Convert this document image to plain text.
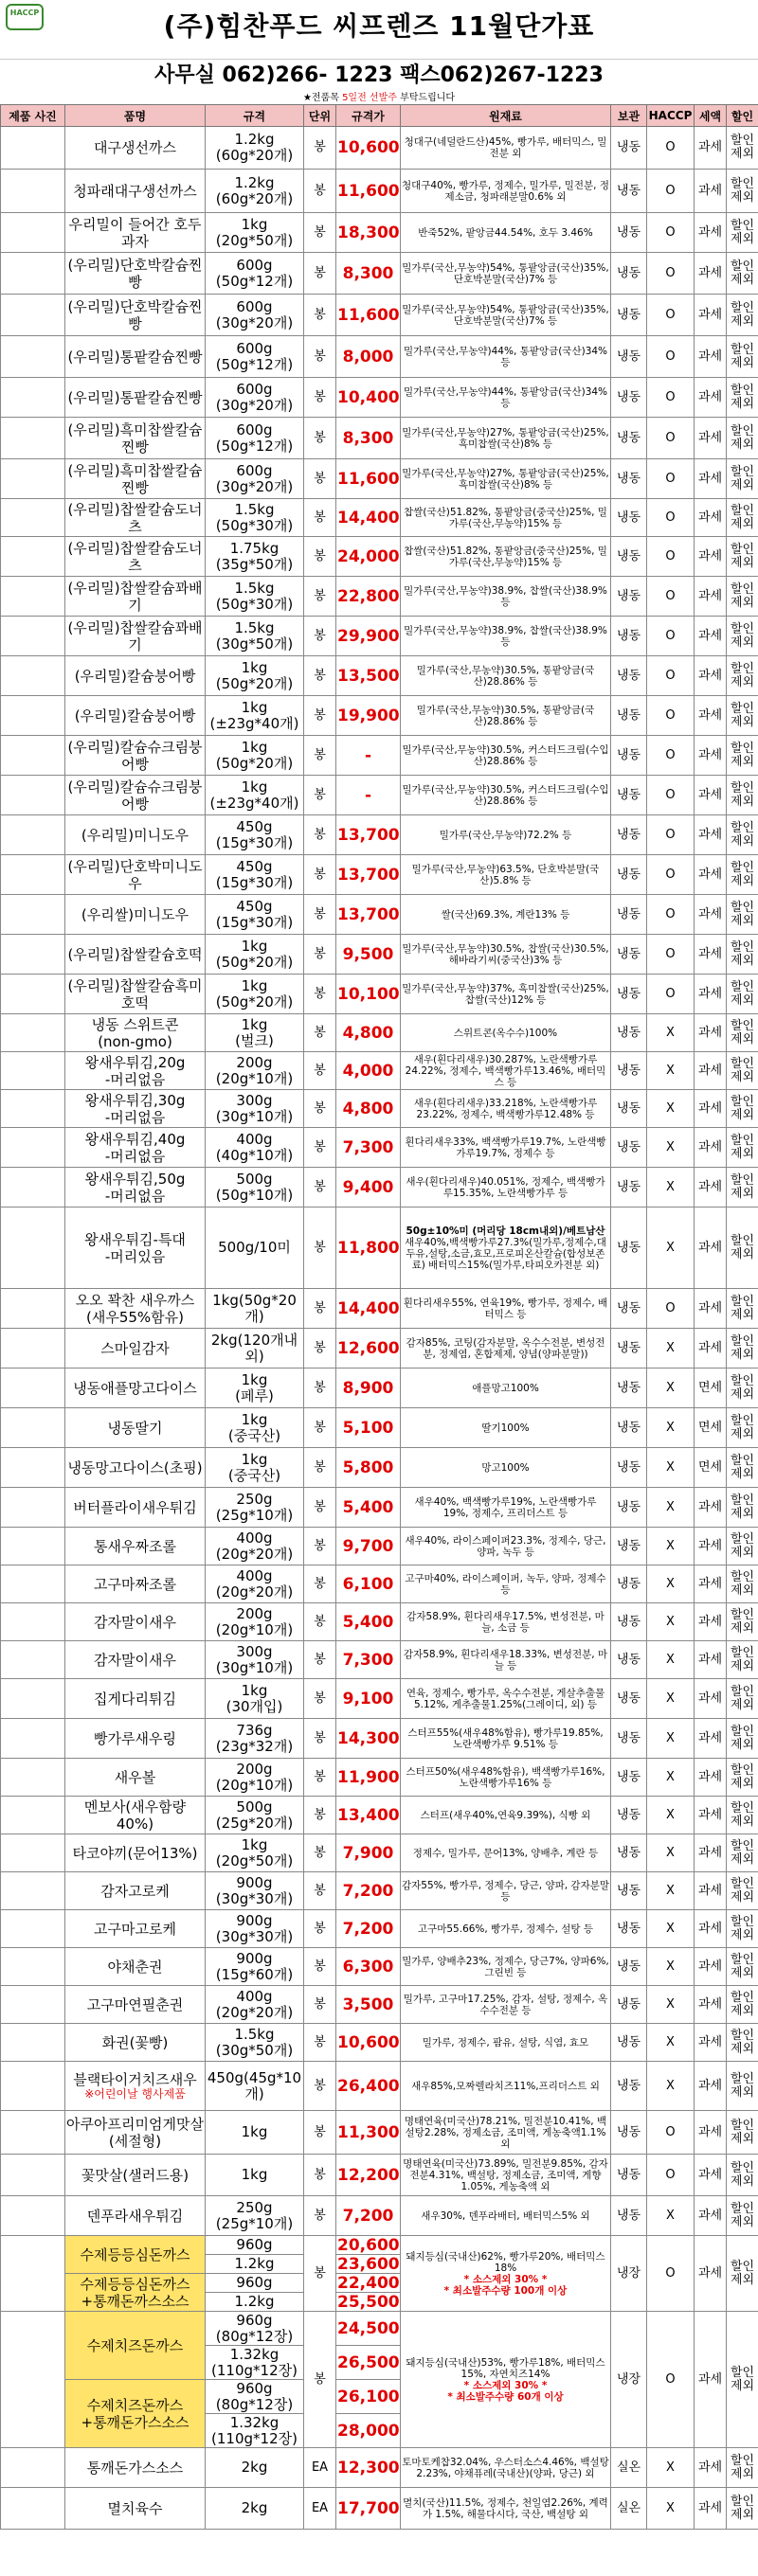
HACCP	(주)힘찬푸드 씨프렌즈 11월단가표
사무실 062)266- 1223 팩스062)267-1223
★전품목 5일전 선발주 부탁드립니다
제품 사진	품명	규격	단위	규격가	원재료	보관	HACCP	세액	할인

	대구생선까스	1.2kg
(60g*20개)	봉	10,600	청대구(네덜란드산)45%, 빵가루, 배터믹스, 밀전분 외	냉동	O	과세	할인제외

	청파래대구생선까스	1.2kg
(60g*20개)	봉	11,600	청대구40%, 빵가루, 정제수, 밀가루, 밀전분, 정제소금, 청파래분말0.6% 외	냉동	O	과세	할인제외

	우리밀이 들어간 호두과자	1kg
(20g*50개)	봉	18,300	반죽52%, 팥앙금44.54%, 호두 3.46%	냉동	O	과세	할인제외

	(우리밀)단호박칼슘찐빵	600g
(50g*12개)	봉	8,300	밀가루(국산,무농약)54%, 통팥앙금(국산)35%, 단호박분말(국산)7% 등	냉동	O	과세	할인제외

	(우리밀)단호박칼슘찐빵	600g
(30g*20개)	봉	11,600	밀가루(국산,무농약)54%, 통팥앙금(국산)35%, 단호박분말(국산)7% 등	냉동	O	과세	할인제외

	(우리밀)통팥칼슘찐빵	600g
(50g*12개)	봉	8,000	밀가루(국산,무농약)44%, 통팥앙금(국산)34% 등	냉동	O	과세	할인제외

	(우리밀)통팥칼슘찐빵	600g
(30g*20개)	봉	10,400	밀가루(국산,무농약)44%, 통팥앙금(국산)34% 등	냉동	O	과세	할인제외

	(우리밀)흑미찹쌀칼슘찐빵	600g
(50g*12개)	봉	8,300	밀가루(국산,무농약)27%, 통팥앙금(국산)25%, 흑미찹쌀(국산)8% 등	냉동	O	과세	할인제외

	(우리밀)흑미찹쌀칼슘찐빵	600g
(30g*20개)	봉	11,600	밀가루(국산,무농약)27%, 통팥앙금(국산)25%, 흑미찹쌀(국산)8% 등	냉동	O	과세	할인제외

	(우리밀)찹쌀칼슘도너츠	1.5kg
(50g*30개)	봉	14,400	찹쌀(국산)51.82%, 통팥앙금(중국산)25%, 밀가루(국산,무농약)15% 등	냉동	O	과세	할인제외

	(우리밀)찹쌀칼슘도너츠	1.75kg
(35g*50개)	봉	24,000	찹쌀(국산)51.82%, 통팥앙금(중국산)25%, 밀가루(국산,무농약)15% 등	냉동	O	과세	할인제외

	(우리밀)찹쌀칼슘꽈배기	1.5kg
(50g*30개)	봉	22,800	밀가루(국산,무농약)38.9%, 찹쌀(국산)38.9% 등	냉동	O	과세	할인제외

	(우리밀)찹쌀칼슘꽈배기	1.5kg
(30g*50개)	봉	29,900	밀가루(국산,무농약)38.9%, 찹쌀(국산)38.9% 등	냉동	O	과세	할인제외

	(우리밀)칼슘붕어빵	1kg
(50g*20개)	봉	13,500	밀가루(국산,무농약)30.5%, 통팥앙금(국산)28.86% 등	냉동	O	과세	할인제외

	(우리밀)칼슘붕어빵	1kg
(±23g*40개)	봉	19,900	밀가루(국산,무농약)30.5%, 통팥앙금(국산)28.86% 등	냉동	O	과세	할인제외

	(우리밀)칼슘슈크림붕어빵	1kg
(50g*20개)	봉	-	밀가루(국산,무농약)30.5%, 커스터드크림(수입산)28.86% 등	냉동	O	과세	할인제외

	(우리밀)칼슘슈크림붕어빵	1kg
(±23g*40개)	봉	-	밀가루(국산,무농약)30.5%, 커스터드크림(수입산)28.86% 등	냉동	O	과세	할인제외

	(우리밀)미니도우	450g
(15g*30개)	봉	13,700	밀가루(국산,무농약)72.2% 등	냉동	O	과세	할인제외

	(우리밀)단호박미니도우	450g
(15g*30개)	봉	13,700	밀가루(국산,무농약)63.5%, 단호박분말(국산)5.8% 등	냉동	O	과세	할인제외

	(우리쌀)미니도우	450g
(15g*30개)	봉	13,700	쌀(국산)69.3%, 계란13% 등	냉동	O	과세	할인제외

	(우리밀)찹쌀칼슘호떡	1kg
(50g*20개)	봉	9,500	밀가루(국산,무농약)30.5%, 찹쌀(국산)30.5%, 해바라기씨(중국산)3% 등	냉동	O	과세	할인제외

	(우리밀)찹쌀칼슘흑미호떡	1kg
(50g*20개)	봉	10,100	밀가루(국산,무농약)37%, 흑미찹쌀(국산)25%, 찹쌀(국산)12% 등	냉동	O	과세	할인제외

	냉동 스위트콘
(non-gmo)	1kg
(벌크)	봉	4,800	스위트콘(옥수수)100%	냉동	X	과세	할인제외

	왕새우튀김,20g
-머리없음	200g
(20g*10개)	봉	4,000	새우(흰다리새우)30.287%, 노란색빵가루24.22%, 정제수, 백색빵가루13.46%, 배터믹스 등	냉동	X	과세	할인제외

	왕새우튀김,30g
-머리없음	300g
(30g*10개)	봉	4,800	새우(흰다리새우)33.218%, 노란색빵가루23.22%, 정제수, 백색빵가루12.48% 등	냉동	X	과세	할인제외

	왕새우튀김,40g
-머리없음	400g
(40g*10개)	봉	7,300	흰다리새우33%, 백색빵가루19.7%, 노란색빵가루19.7%, 정제수 등	냉동	X	과세	할인제외

	왕새우튀김,50g
-머리없음	500g
(50g*10개)	봉	9,400	새우(흰다리새우)40.051%, 정제수, 백색빵가루15.35%, 노란색빵가루 등	냉동	X	과세	할인제외

	왕새우튀김-특대
-머리있음	500g/10미	봉	11,800	50g±10%미 (머리당 18cm내외)/베트남산
새우40%,백색빵가루27.3%(밀가루,정제수,대두유,설탕,소금,효모,프로피온산칼슘(합성보존료) 배터믹스15%(밀가루,타피오카전분 외)	냉동	X	과세	할인제외

	오오 꽉찬 새우까스
(새우55%함유)	1kg(50g*20개)	봉	14,400	흰다리새우55%, 연육19%, 빵가루, 정제수, 배터믹스 등	냉동	O	과세	할인제외

	스마일감자	2kg(120개내외)	봉	12,600	감자85%, 코팅(감자분말, 옥수수전분, 변성전분, 정제염, 혼합제제, 양념(양파분말))	냉동	X	과세	할인제외

	냉동애플망고다이스	1kg
(페루)	봉	8,900	애플망고100%	냉동	X	면세	할인제외

	냉동딸기	1kg
(중국산)	봉	5,100	딸기100%	냉동	X	면세	할인제외

	냉동망고다이스(초핑)	1kg
(중국산)	봉	5,800	망고100%	냉동	X	면세	할인제외

	버터플라이새우튀김	250g
(25g*10개)	봉	5,400	새우40%, 백색빵가루19%, 노란색빵가루 19%, 정제수, 프리더스트 등	냉동	X	과세	할인제외

	통새우짜조롤	400g
(20g*20개)	봉	9,700	새우40%, 라이스페이퍼23.3%, 정제수, 당근, 양파, 녹두 등	냉동	X	과세	할인제외

	고구마짜조롤	400g
(20g*20개)	봉	6,100	고구마40%, 라이스페이퍼, 녹두, 양파, 정제수 등	냉동	X	과세	할인제외

	감자말이새우	200g
(20g*10개)	봉	5,400	감자58.9%, 흰다리새우17.5%, 변성전분, 마늘, 소금 등	냉동	X	과세	할인제외

	감자말이새우	300g
(30g*10개)	봉	7,300	감자58.9%, 흰다리새우18.33%, 변성전분, 마늘 등	냉동	X	과세	할인제외

	집게다리튀김	1kg
(30개입)	봉	9,100	연육, 정제수, 빵가루, 옥수수전분, 게살추출물5.12%, 게추출물1.25%(그레이디, 외) 등	냉동	X	과세	할인제외

	빵가루새우링	736g
(23g*32개)	봉	14,300	스터프55%(새우48%함유), 빵가루19.85%, 노란색빵가루 9.51% 등	냉동	X	과세	할인제외

	새우볼	200g
(20g*10개)	봉	11,900	스터프50%(새우48%함유), 백색빵가루16%, 노란색빵가루16% 등	냉동	X	과세	할인제외

	멘보사(새우함량40%)	500g
(25g*20개)	봉	13,400	스터프(새우40%,연육9.39%), 식빵 외	냉동	X	과세	할인제외

	타코야끼(문어13%)	1kg
(20g*50개)	봉	7,900	정제수, 밀가루, 문어13%, 양배추, 계란 등	냉동	X	과세	할인제외

	감자고로케	900g
(30g*30개)	봉	7,200	감자55%, 빵가루, 정제수, 당근, 양파, 감자분말 등	냉동	X	과세	할인제외

	고구마고로케	900g
(30g*30개)	봉	7,200	고구마55.66%, 빵가루, 정제수, 설탕 등	냉동	X	과세	할인제외

	야채춘권	900g
(15g*60개)	봉	6,300	밀가루, 양배추23%, 정제수, 당근7%, 양파6%, 그린빈 등	냉동	X	과세	할인제외

	고구마연필춘권	400g
(20g*20개)	봉	3,500	밀가루, 고구마17.25%, 감자, 설탕, 정제수, 옥수수전분 등	냉동	X	과세	할인제외

	화권(꽃빵)	1.5kg
(30g*50개)	봉	10,600	밀가루, 정제수, 팜유, 설탕, 식염, 효모	냉동	X	과세	할인제외

	블랙타이거치즈새우
※어린이날 행사제품	450g(45g*10개)	봉	26,400	새우85%,모짜렐라치즈11%,프리더스트 외	냉동	X	과세	할인제외

	아쿠아프리미엄게맛살(세절형)	1kg	봉	11,300	명태연육(미국산)78.21%, 밀전분10.41%, 백설탕2.28%, 정제소금, 조미액, 게농축액1.1% 외	냉동	O	과세	할인제외

	꽃맛살(샐러드용)	1kg	봉	12,200	명태연육(미국산)73.89%, 밀전분9.85%, 감자전분4.31%, 백설탕, 정제소금, 조미액, 게향1.05%, 게농축액 외	냉동	O	과세	할인제외

	덴푸라새우튀김	250g
(25g*10개)	봉	7,200	새우30%, 덴푸라배터, 배터믹스5% 외	냉동	X	과세	할인제외

	수제등등심돈까스	960g	봉	20,600	돼지등심(국내산)62%, 빵가루20%, 배터믹스18%
* 소스제외 30% *
* 최소발주수량 100개 이상	냉장	O	과세	할인제외
		1.2kg		23,600					
	수제등등심돈까스
+통깨돈까스소스	960g		22,400					
		1.2kg		25,500					

	수제치즈돈까스	960g
(80g*12장)	봉	24,500	돼지등심(국내산)53%, 빵가루18%, 배터믹스15%, 자연치즈14%
* 소스제외 30% *
* 최소발주수량 60개 이상	냉장	O	과세	할인제외
		1.32kg
(110g*12장)		26,500					
	수제치즈돈까스
+통깨돈가스소스	960g
(80g*12장)		26,100					
		1.32kg
(110g*12장)		28,000					

	통깨돈가스소스	2kg	EA	12,300	토마토케찹32.04%, 우스터소스4.46%, 백설탕2.23%, 야채퓨레(국내산)(양파, 당근) 외	실온	X	과세	할인제외

	멸치육수	2kg	EA	17,700	멸치(국산)11.5%, 정제수, 천일염2.26%, 계력가 1.5%, 해물다시다, 국산, 백설탕 외	실온	X	과세	할인제외
